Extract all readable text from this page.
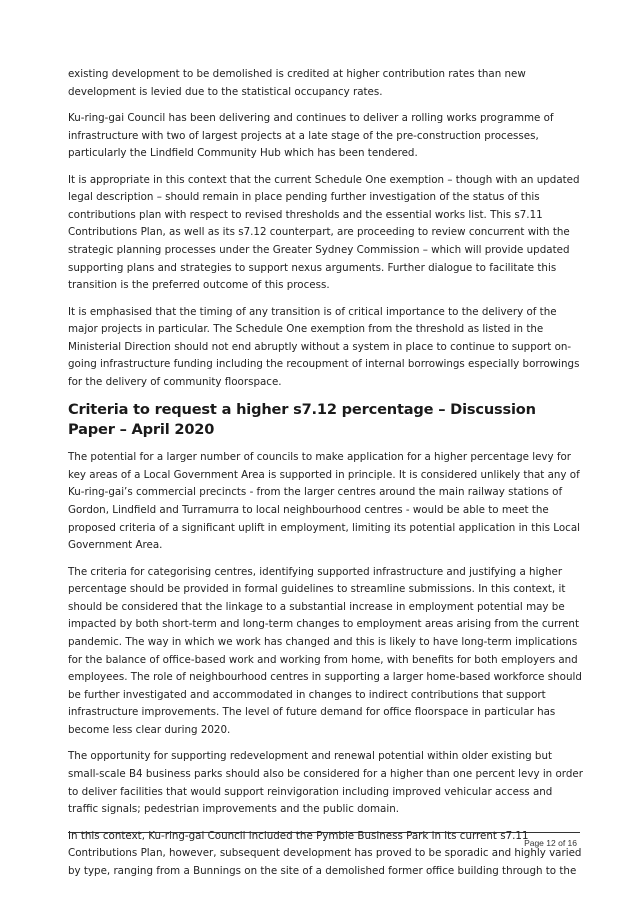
existing development to be demolished is credited at higher contribution rates than new development is levied due to the statistical occupancy rates.

Ku-ring-gai Council has been delivering and continues to deliver a rolling works programme of infrastructure with two of largest projects at a late stage of the pre-construction processes, particularly the Lindfield Community Hub which has been tendered.

It is appropriate in this context that the current Schedule One exemption – though with an updated legal description – should remain in place pending further investigation of the status of this contributions plan with respect to revised thresholds and the essential works list. This s7.11 Contributions Plan, as well as its s7.12 counterpart, are proceeding to review concurrent with the strategic planning processes under the Greater Sydney Commission – which will provide updated supporting plans and strategies to support nexus arguments. Further dialogue to facilitate this transition is the preferred outcome of this process.

It is emphasised that the timing of any transition is of critical importance to the delivery of the major projects in particular. The Schedule One exemption from the threshold as listed in the Ministerial Direction should not end abruptly without a system in place to continue to support on-going infrastructure funding including the recoupment of internal borrowings especially borrowings for the delivery of community floorspace.

Criteria to request a higher s7.12 percentage – Discussion Paper – April 2020

The potential for a larger number of councils to make application for a higher percentage levy for key areas of a Local Government Area is supported in principle. It is considered unlikely that any of Ku-ring-gai’s commercial precincts - from the larger centres around the main railway stations of Gordon, Lindfield and Turramurra to local neighbourhood centres - would be able to meet the proposed criteria of a significant uplift in employment, limiting its potential application in this Local Government Area.

The criteria for categorising centres, identifying supported infrastructure and justifying a higher percentage should be provided in formal guidelines to streamline submissions. In this context, it should be considered that the linkage to a substantial increase in employment potential may be impacted by both short-term and long-term changes to employment areas arising from the current pandemic. The way in which we work has changed and this is likely to have long-term implications for the balance of office-based work and working from home, with benefits for both employers and employees. The role of neighbourhood centres in supporting a larger home-based workforce should be further investigated and accommodated in changes to indirect contributions that support infrastructure improvements. The level of future demand for office floorspace in particular has become less clear during 2020.

The opportunity for supporting redevelopment and renewal potential within older existing but small-scale B4 business parks should also be considered for a higher than one percent levy in order to deliver facilities that would support reinvigoration including improved vehicular access and traffic signals; pedestrian improvements and the public domain.

In this context, Ku-ring-gai Council included the Pymble Business Park in its current s7.11 Contributions Plan, however, subsequent development has proved to be sporadic and highly varied by type, ranging from a Bunnings on the site of a demolished former office building through to the

Page 12 of 16
